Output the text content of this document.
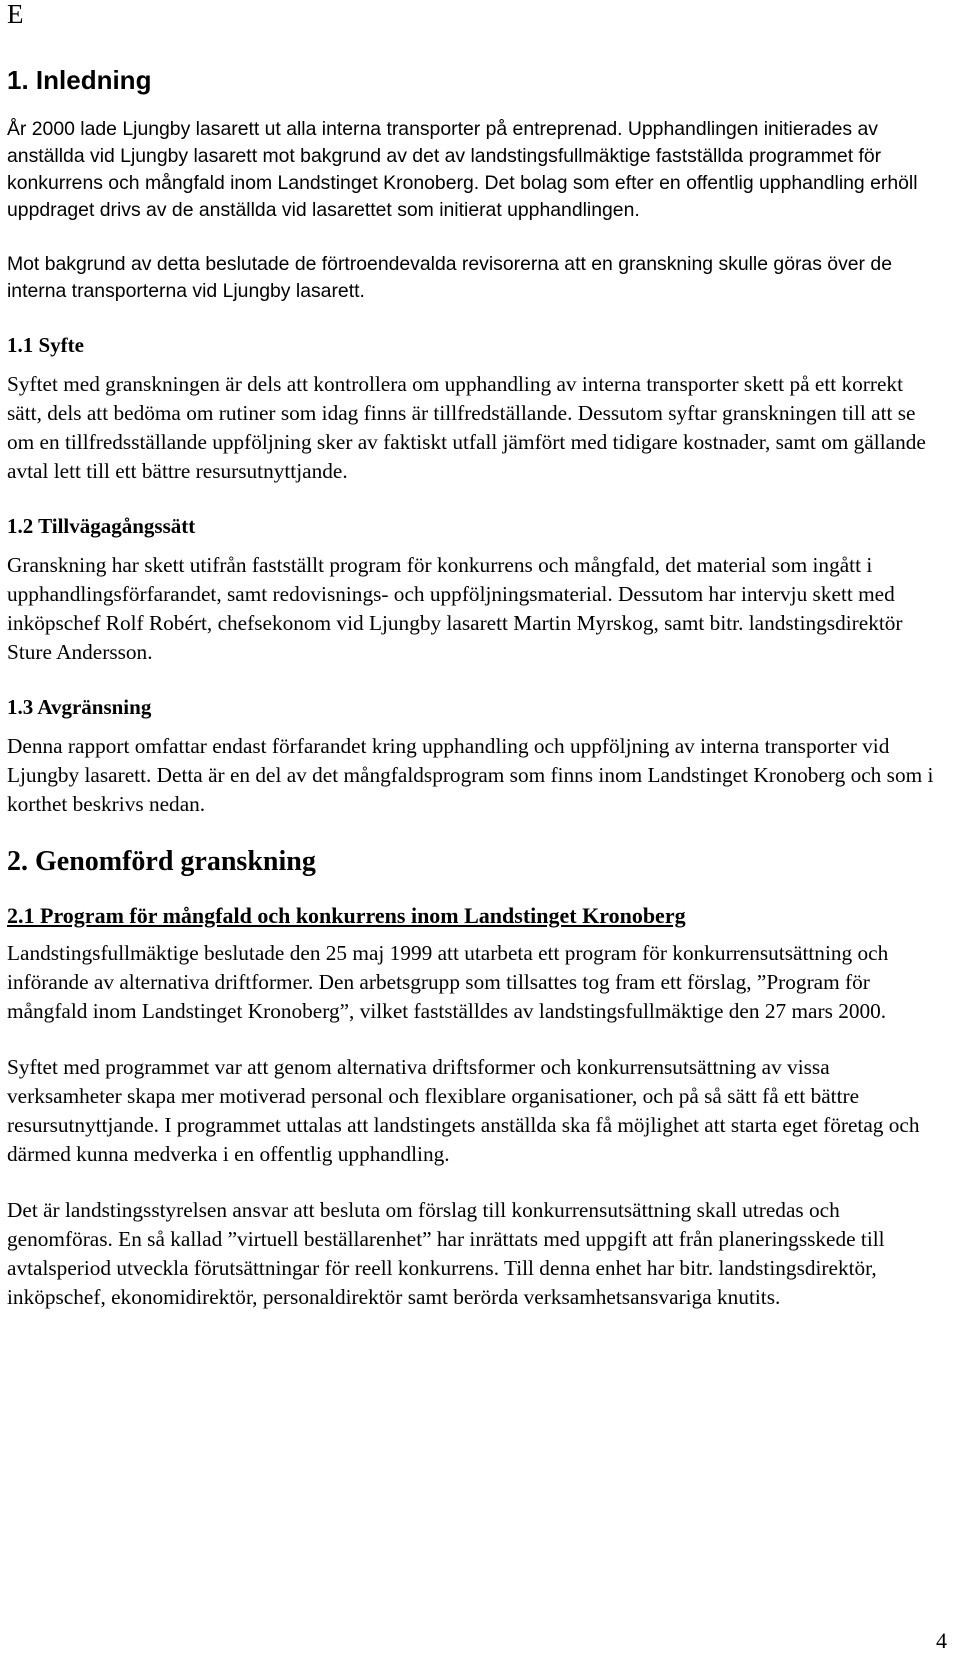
E
1. Inledning

År 2000 lade Ljungby lasarett ut alla interna transporter på entreprenad. Upphandlingen initierades av anställda vid Ljungby lasarett mot bakgrund av det av landstingsfullmäktige fastställda programmet för konkurrens och mångfald inom Landstinget Kronoberg. Det bolag som efter en offentlig upphandling erhöll uppdraget drivs av de anställda vid lasarettet som initierat upphandlingen.

Mot bakgrund av detta beslutade de förtroendevalda revisorerna att en granskning skulle göras över de interna transporterna vid Ljungby lasarett.

1.1 Syfte

Syftet med granskningen är dels att kontrollera om upphandling av interna transporter skett på ett korrekt sätt, dels att bedöma om rutiner som idag finns är tillfredställande. Dessutom syftar granskningen till att se om en tillfredsställande uppföljning sker av faktiskt utfall jämfört med tidigare kostnader, samt om gällande avtal lett till ett bättre resursutnyttjande.

1.2 Tillvägagångssätt

Granskning har skett utifrån fastställt program för konkurrens och mångfald, det material som ingått i upphandlingsförfarandet, samt redovisnings- och uppföljningsmaterial. Dessutom har intervju skett med inköpschef Rolf Robért, chefsekonom vid Ljungby lasarett Martin Myrskog, samt bitr. landstingsdirektör Sture Andersson.

1.3 Avgränsning

Denna rapport omfattar endast förfarandet kring upphandling och uppföljning av interna transporter vid Ljungby lasarett. Detta är en del av det mångfaldsprogram som finns inom Landstinget Kronoberg och som i korthet beskrivs nedan.

2. Genomförd granskning
2.1 Program för mångfald och konkurrens inom Landstinget Kronoberg

Landstingsfullmäktige beslutade den 25 maj 1999 att utarbeta ett program för konkurrensutsättning och införande av alternativa driftformer. Den arbetsgrupp som tillsattes tog fram ett förslag, ”Program för mångfald inom Landstinget Kronoberg”, vilket fastställdes av landstingsfullmäktige den 27 mars 2000.

Syftet med programmet var att genom alternativa driftsformer och konkurrensutsättning av vissa verksamheter skapa mer motiverad personal och flexiblare organisationer, och på så sätt få ett bättre resursutnyttjande. I programmet uttalas att landstingets anställda ska få möjlighet att starta eget företag och därmed kunna medverka i en offentlig upphandling.

Det är landstingsstyrelsen ansvar att besluta om förslag till konkurrensutsättning skall utredas och genomföras. En så kallad ”virtuell beställarenhet” har inrättats med uppgift att från planeringsskede till avtalsperiod utveckla förutsättningar för reell konkurrens. Till denna enhet har bitr. landstingsdirektör, inköpschef, ekonomidirektör, personaldirektör samt berörda verksamhetsansvariga knutits.

4
